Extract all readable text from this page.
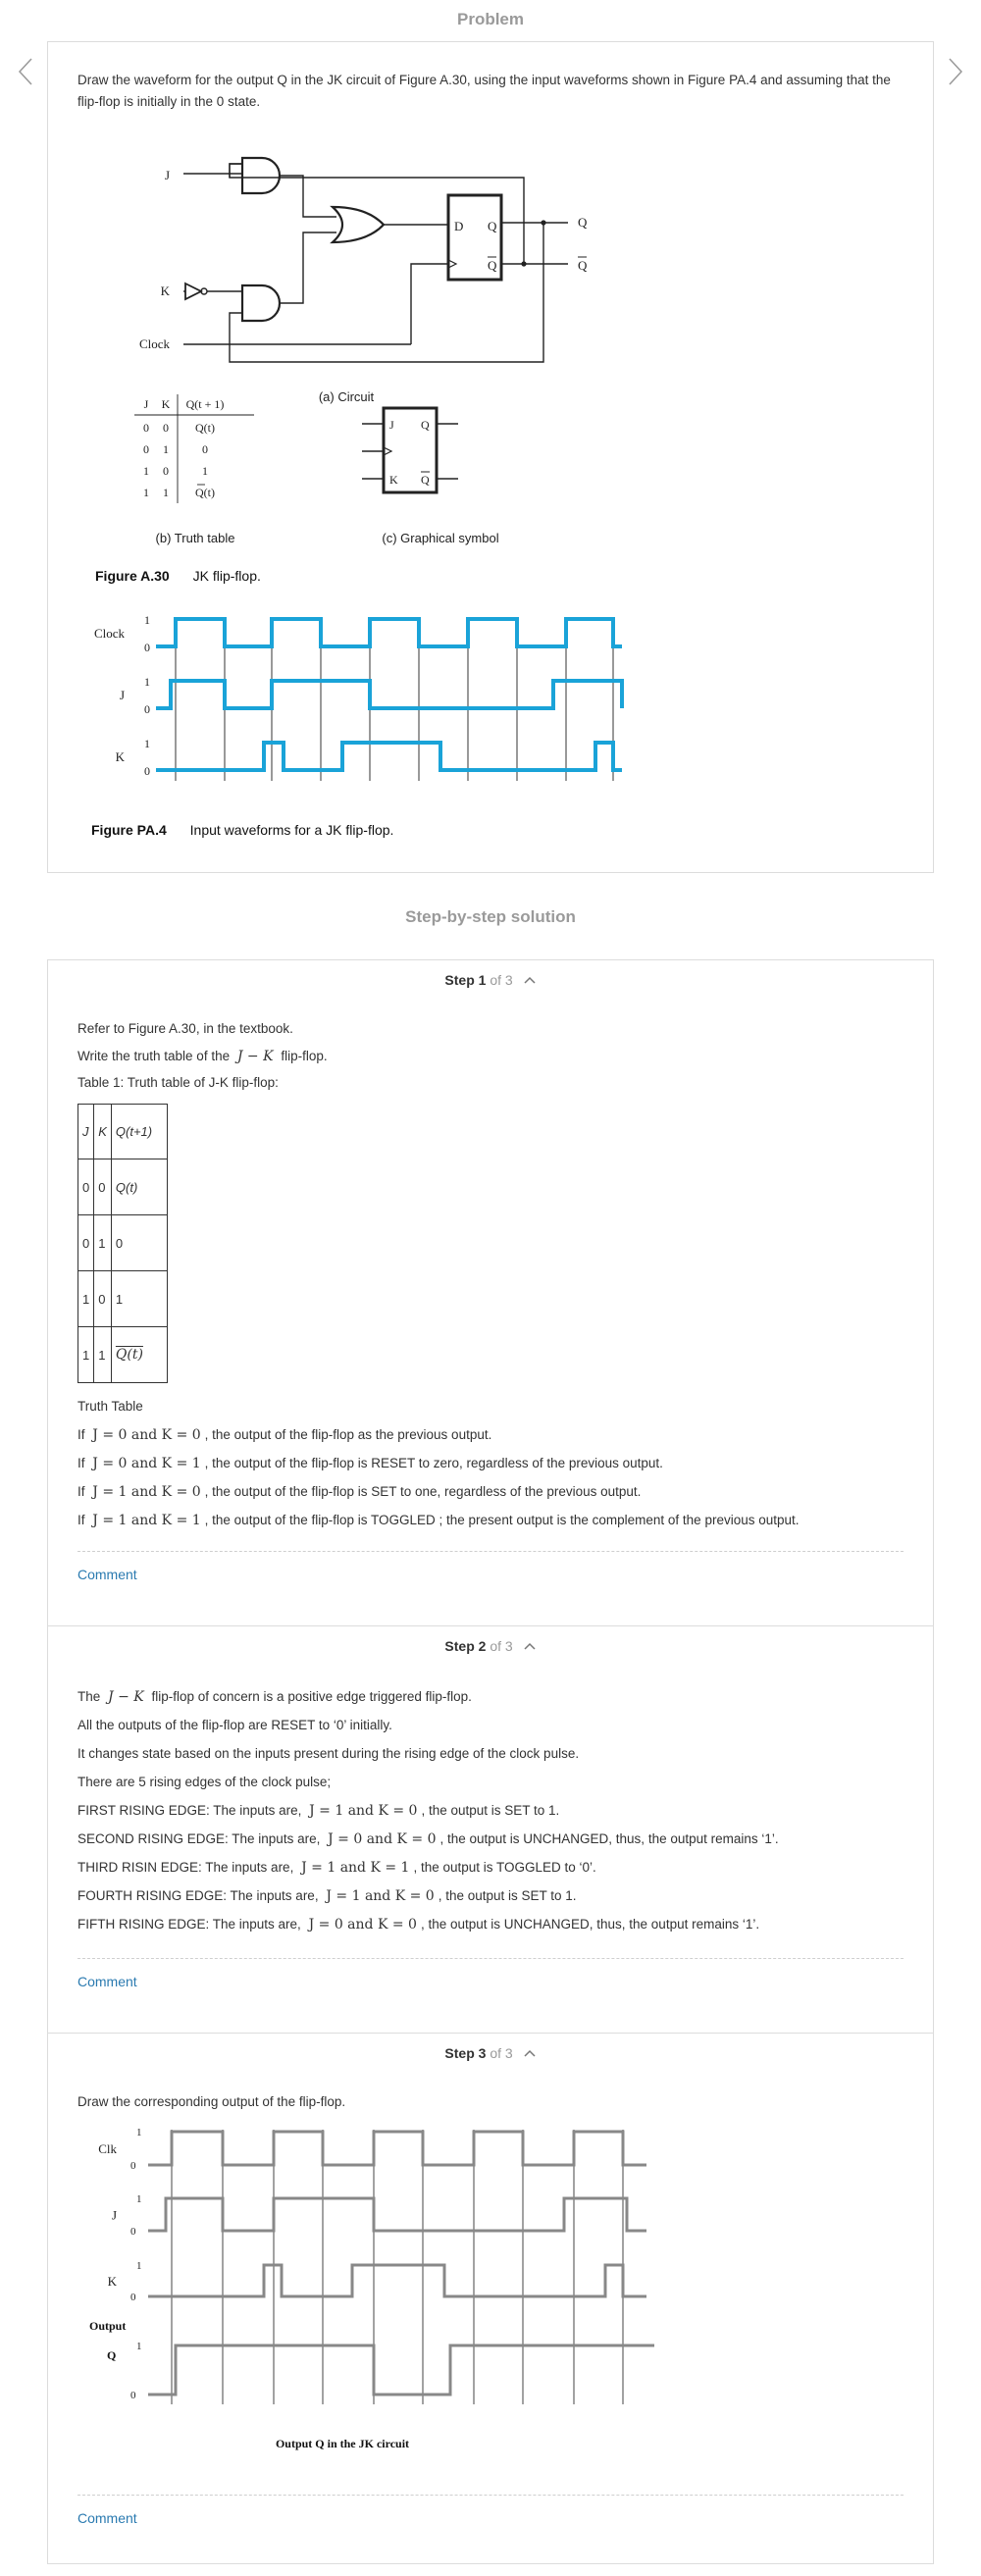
Problem
Draw the waveform for the output Q in the JK circuit of Figure A.30, using the input waveforms shown in Figure PA.4 and assuming that the flip-flop is initially in the 0 state.
J
K
Clock
D Q
Q
Q
Q
(a) Circuit
J K Q(t + 1)
0 0 Q(t)
0 1	0
1 0	1
1 1 Q(t)
(b) Truth table
J
K
Q
Q
(c) Graphical symbol
Figure A.30 JK flip-flop.
Clock
1
0
J
1
0
K
1
0
Figure PA.4 Input waveforms for a JK flip-flop.
Step-by-step solution
Step 1 of 3
Refer to Figure A.30, in the textbook.
Write the truth table of the J − K flip-flop.
Table 1: Truth table of J-K flip-flop:
J	K	Q(t+1)
0	0	Q(t)
0	1	0
1	0	1
1	1	Q(t)
Truth Table
If J = 0 and K = 0 , the output of the flip-flop as the previous output.
If J = 0 and K = 1 , the output of the flip-flop is RESET to zero, regardless of the previous output.
If J = 1 and K = 0 , the output of the flip-flop is SET to one, regardless of the previous output.
If J = 1 and K = 1 , the output of the flip-flop is TOGGLED ; the present output is the complement of the previous output.
Comment
Step 2 of 3
The J − K flip-flop of concern is a positive edge triggered flip-flop.
All the outputs of the flip-flop are RESET to ‘0’ initially.
It changes state based on the inputs present during the rising edge of the clock pulse.
There are 5 rising edges of the clock pulse;
FIRST RISING EDGE: The inputs are, J = 1 and K = 0 , the output is SET to 1.
SECOND RISING EDGE: The inputs are, J = 0 and K = 0 , the output is UNCHANGED, thus, the output remains ‘1’.
THIRD RISIN EDGE: The inputs are, J = 1 and K = 1 , the output is TOGGLED to ‘0’.
FOURTH RISING EDGE: The inputs are, J = 1 and K = 0 , the output is SET to 1.
FIFTH RISING EDGE: The inputs are, J = 0 and K = 0 , the output is UNCHANGED, thus, the output remains ‘1’.
Comment
Step 3 of 3
Draw the corresponding output of the flip-flop.
Clk
1
0
J
1
0
K
1
0
1
0
Output
Q
Output Q in the JK circuit
Comment
